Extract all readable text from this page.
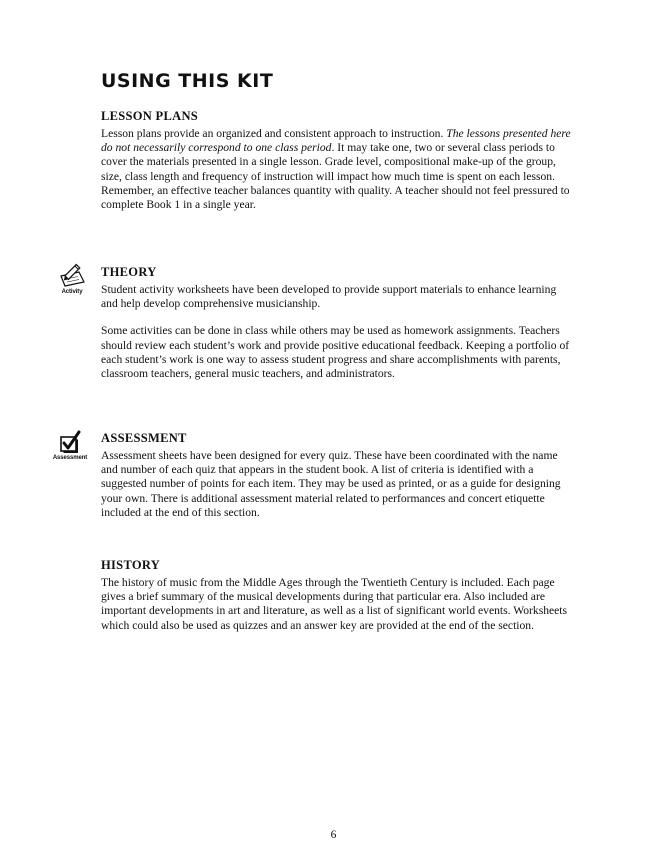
USING THIS KIT
LESSON PLANS

Lesson plans provide an organized and consistent approach to instruction. The lessons presented here do not necessarily correspond to one class period. It may take one, two or several class periods to cover the materials presented in a single lesson. Grade level, compositional make-up of the group, size, class length and frequency of instruction will impact how much time is spent on each lesson. Remember, an effective teacher balances quantity with quality. A teacher should not feel pressured to complete Book 1 in a single year.

Activity
THEORY

Student activity worksheets have been developed to provide support materials to enhance learning and help develop comprehensive musicianship.

Some activities can be done in class while others may be used as homework assignments. Teachers should review each student’s work and provide positive educational feedback. Keeping a portfolio of each student’s work is one way to assess student progress and share accomplishments with parents, classroom teachers, general music teachers, and administrators.

Assessment
ASSESSMENT

Assessment sheets have been designed for every quiz. These have been coordinated with the name and number of each quiz that appears in the student book. A list of criteria is identified with a suggested number of points for each item. They may be used as printed, or as a guide for designing your own. There is additional assessment material related to performances and concert etiquette included at the end of this section.

HISTORY

The history of music from the Middle Ages through the Twentieth Century is included. Each page gives a brief summary of the musical developments during that particular era. Also included are important developments in art and literature, as well as a list of significant world events. Worksheets which could also be used as quizzes and an answer key are provided at the end of the section.

6
